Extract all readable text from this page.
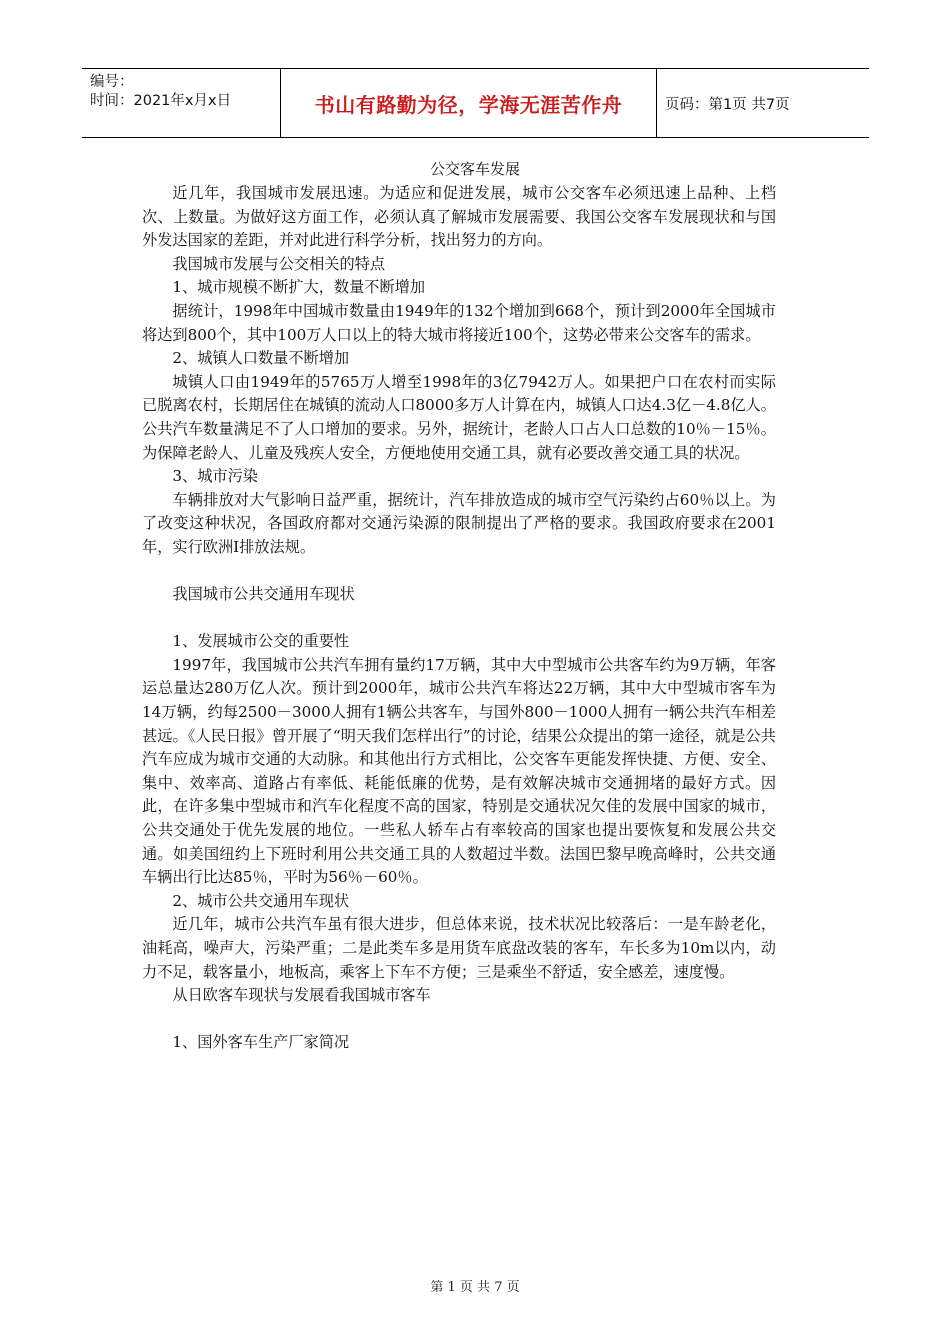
编号：
时间：2021年x月x日	书山有路勤为径，学海无涯苦作舟	页码：第1页 共7页
公交客车发展

近几年，我国城市发展迅速。为适应和促进发展，城市公交客车必须迅速上品种、上档次、上数量。为做好这方面工作，必须认真了解城市发展需要、我国公交客车发展现状和与国外发达国家的差距，并对此进行科学分析，找出努力的方向。

我国城市发展与公交相关的特点

1、城市规模不断扩大，数量不断增加

据统计，1998年中国城市数量由1949年的132个增加到668个，预计到2000年全国城市将达到800个，其中100万人口以上的特大城市将接近100个，这势必带来公交客车的需求。

2、城镇人口数量不断增加

城镇人口由1949年的5765万人增至1998年的3亿7942万人。如果把户口在农村而实际已脱离农村，长期居住在城镇的流动人口8000多万人计算在内，城镇人口达4.3亿－4.8亿人。公共汽车数量满足不了人口增加的要求。另外，据统计，老龄人口占人口总数的10％－15％。为保障老龄人、儿童及残疾人安全，方便地使用交通工具，就有必要改善交通工具的状况。

3、城市污染

车辆排放对大气影响日益严重，据统计，汽车排放造成的城市空气污染约占60％以上。为了改变这种状况，各国政府都对交通污染源的限制提出了严格的要求。我国政府要求在2001年，实行欧洲Ⅰ排放法规。

我国城市公共交通用车现状

1、发展城市公交的重要性

1997年，我国城市公共汽车拥有量约17万辆，其中大中型城市公共客车约为9万辆，年客运总量达280万亿人次。预计到2000年，城市公共汽车将达22万辆，其中大中型城市客车为14万辆，约每2500－3000人拥有1辆公共客车，与国外800－1000人拥有一辆公共汽车相差甚远。《人民日报》曾开展了“明天我们怎样出行”的讨论，结果公众提出的第一途径，就是公共汽车应成为城市交通的大动脉。和其他出行方式相比，公交客车更能发挥快捷、方便、安全、集中、效率高、道路占有率低、耗能低廉的优势，是有效解决城市交通拥堵的最好方式。因此，在许多集中型城市和汽车化程度不高的国家，特别是交通状况欠佳的发展中国家的城市，公共交通处于优先发展的地位。一些私人轿车占有率较高的国家也提出要恢复和发展公共交通。如美国纽约上下班时利用公共交通工具的人数超过半数。法国巴黎早晚高峰时，公共交通车辆出行比达85％，平时为56％－60％。

2、城市公共交通用车现状

近几年，城市公共汽车虽有很大进步，但总体来说，技术状况比较落后：一是车龄老化，油耗高，噪声大，污染严重；二是此类车多是用货车底盘改装的客车，车长多为10m以内，动力不足，载客量小，地板高，乘客上下车不方便；三是乘坐不舒适，安全感差，速度慢。

从日欧客车现状与发展看我国城市客车

1、国外客车生产厂家简况

第 1 页 共 7 页
